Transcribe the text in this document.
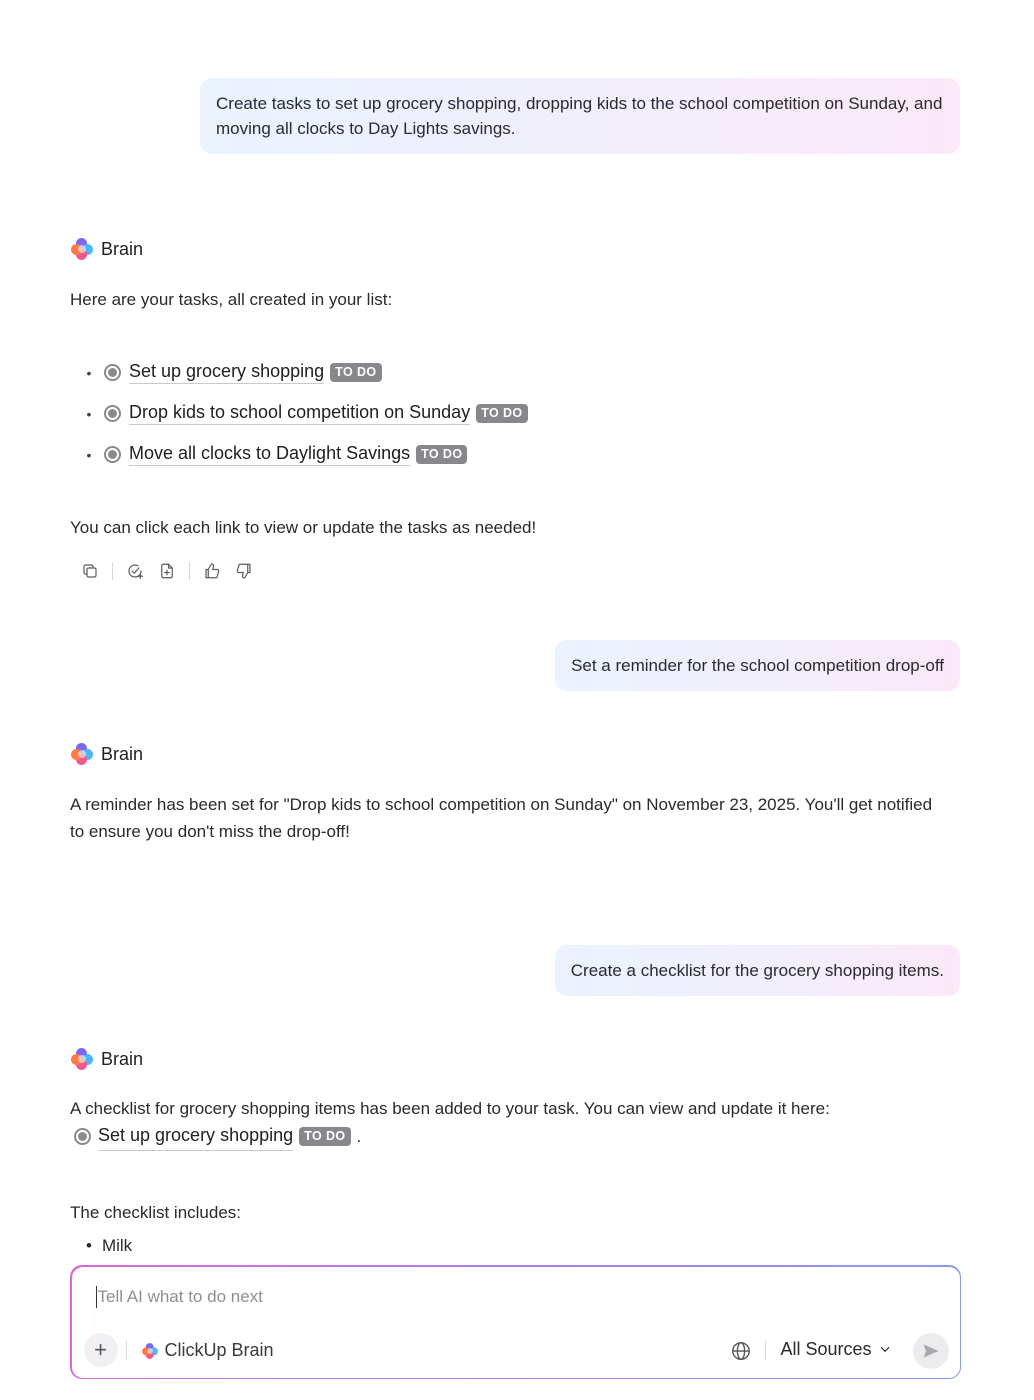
Create tasks to set up grocery shopping, dropping kids to the school competition on Sunday, and moving all clocks to Day Lights savings.
Brain
Here are your tasks, all created in your list:
• Set up grocery shopping TO DO
• Drop kids to school competition on Sunday TO DO
• Move all clocks to Daylight Savings TO DO
You can click each link to view or update the tasks as needed!
Set a reminder for the school competition drop-off
Brain
A reminder has been set for "Drop kids to school competition on Sunday" on November 23, 2025. You'll get notified to ensure you don't miss the drop-off!
Create a checklist for the grocery shopping items.
Brain
A checklist for grocery shopping items has been added to your task. You can view and update it here:

Set up grocery shopping TO DO .
The checklist includes:
• Milk
Tell AI what to do next
+	ClickUp Brain	All Sources
